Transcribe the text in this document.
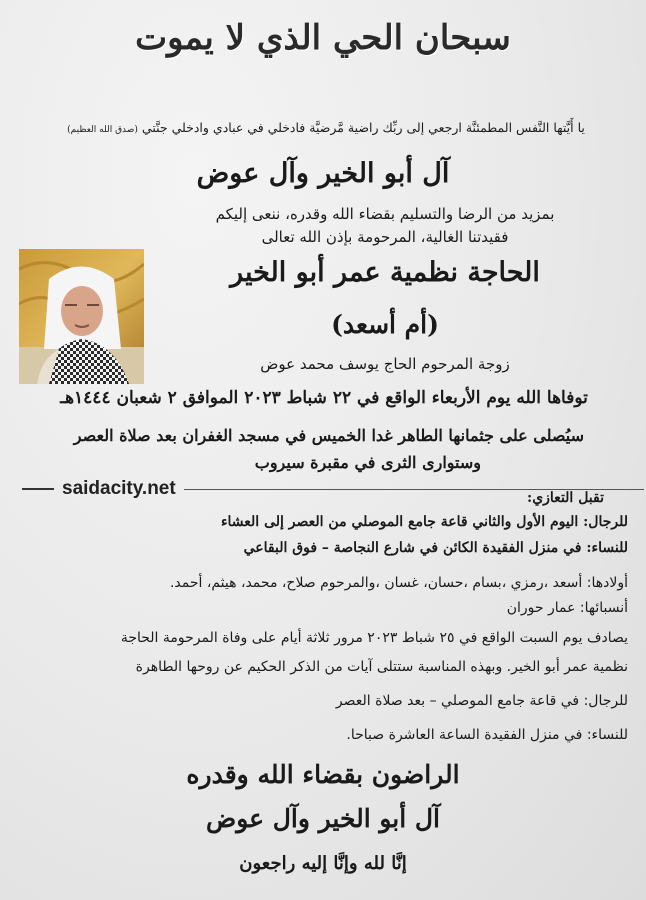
سبحان الحي الذي لا يموت
يا أَيَّتها النَّفس المطمئنَّة ارجعي إلى ربِّك راضية مَّرضيَّة فادخلي في عبادي وادخلي جنَّتي (صدق الله العظيم)
آل أبو الخير وآل عوض
بمزيد من الرضا والتسليم بقضاء الله وقدره، ننعى إليكم
فقيدتنا الغالية، المرحومة بإذن الله تعالى
الحاجة نظمية عمر أبو الخير
(أم أسعد)
زوجة المرحوم الحاج يوسف محمد عوض
توفاها الله يوم الأربعاء الواقع في ٢٢ شباط ٢٠٢٣ الموافق ٢ شعبان ١٤٤٤هـ
سيُصلى على جثمانها الطاهر غدا الخميس في مسجد الغفران بعد صلاة العصر
وستوارى الثرى في مقبرة سيروب
saidacity.net	تقبل التعازي:
للرجال: اليوم الأول والثاني قاعة جامع الموصلي من العصر إلى العشاء
للنساء: في منزل الفقيدة الكائن في شارع النجاصة – فوق البقاعي
أولادها: أسعد ،رمزي ،بسام ،حسان، غسان ،والمرحوم صلاح، محمد، هيثم، أحمد.
أنسبائها: عمار حوران
يصادف يوم السبت الواقع في ٢٥ شباط ٢٠٢٣ مرور ثلاثة أيام على وفاة المرحومة الحاجة
نظمية عمر أبو الخير. وبهذه المناسبة ستتلى آيات من الذكر الحكيم عن روحها الطاهرة
للرجال: في قاعة جامع الموصلي – بعد صلاة العصر
للنساء: في منزل الفقيدة الساعة العاشرة صباحا.
الراضون بقضاء الله وقدره
آل أبو الخير وآل عوض
إنَّا لله وإنَّا إليه راجعون
